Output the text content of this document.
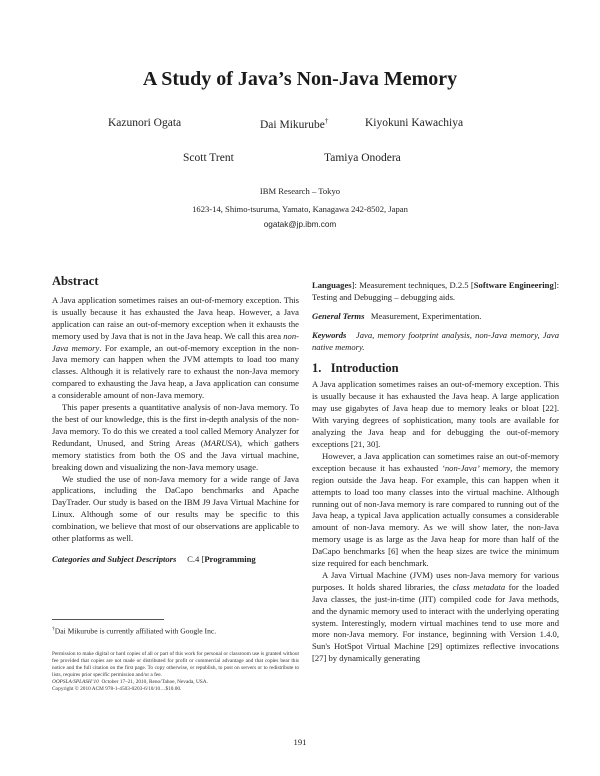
A Study of Java’s Non-Java Memory
Kazunori Ogata	Dai Mikurube†	Kiyokuni Kawachiya
Scott Trent	Tamiya Onodera
IBM Research – Tokyo
1623-14, Shimo-tsuruma, Yamato, Kanagawa 242-8502, Japan
ogatak@jp.ibm.com
Abstract

A Java application sometimes raises an out-of-memory exception. This is usually because it has exhausted the Java heap. However, a Java application can raise an out-of-memory exception when it exhausts the memory used by Java that is not in the Java heap. We call this area non-Java memory. For example, an out-of-memory exception in the non-Java memory can happen when the JVM attempts to load too many classes. Although it is relatively rare to exhaust the non-Java memory compared to exhausting the Java heap, a Java application can consume a considerable amount of non-Java memory.

This paper presents a quantitative analysis of non-Java memory. To the best of our knowledge, this is the first in-depth analysis of the non-Java memory. To do this we created a tool called Memory Analyzer for Redundant, Unused, and String Areas (MARUSA), which gathers memory statistics from both the OS and the Java virtual machine, breaking down and visualizing the non-Java memory usage.

We studied the use of non-Java memory for a wide range of Java applications, including the DaCapo benchmarks and Apache DayTrader. Our study is based on the IBM J9 Java Virtual Machine for Linux. Although some of our results may be specific to this combination, we believe that most of our observations are applicable to other platforms as well.

Categories and Subject Descriptors C.4 [Programming

†Dai Mikurube is currently affiliated with Google Inc.
Permission to make digital or hard copies of all or part of this work for personal or classroom use is granted without fee provided that copies are not made or distributed for profit or commercial advantage and that copies bear this notice and the full citation on the first page. To copy otherwise, or republish, to post on servers or to redistribute to lists, requires prior specific permission and/or a fee.
OOPSLA/SPLASH’10 October 17–21, 2010, Reno/Tahoe, Nevada, USA.
Copyright © 2010 ACM 978-1-4503-0203-6/10/10…$10.00.

Languages]: Measurement techniques, D.2.5 [Software Engineering]: Testing and Debugging – debugging aids.

General Terms Measurement, Experimentation.

Keywords Java, memory footprint analysis, non-Java memory, Java native memory.

1. Introduction

A Java application sometimes raises an out-of-memory exception. This is usually because it has exhausted the Java heap. A large application may use gigabytes of Java heap due to memory leaks or bloat [22]. With varying degrees of sophistication, many tools are available for analyzing the Java heap and for debugging the out-of-memory exceptions [21, 30].

However, a Java application can sometimes raise an out-of-memory exception because it has exhausted ‘non-Java’ memory, the memory region outside the Java heap. For example, this can happen when it attempts to load too many classes into the virtual machine. Although running out of non-Java memory is rare compared to running out of the Java heap, a typical Java application actually consumes a considerable amount of non-Java memory. As we will show later, the non-Java memory usage is as large as the Java heap for more than half of the DaCapo benchmarks [6] when the heap sizes are twice the minimum size required for each benchmark.

A Java Virtual Machine (JVM) uses non-Java memory for various purposes. It holds shared libraries, the class metadata for the loaded Java classes, the just-in-time (JIT) compiled code for Java methods, and the dynamic memory used to interact with the underlying operating system. Interestingly, modern virtual machines tend to use more and more non-Java memory. For instance, beginning with Version 1.4.0, Sun's HotSpot Virtual Machine [29] optimizes reflective invocations [27] by dynamically generating

191
